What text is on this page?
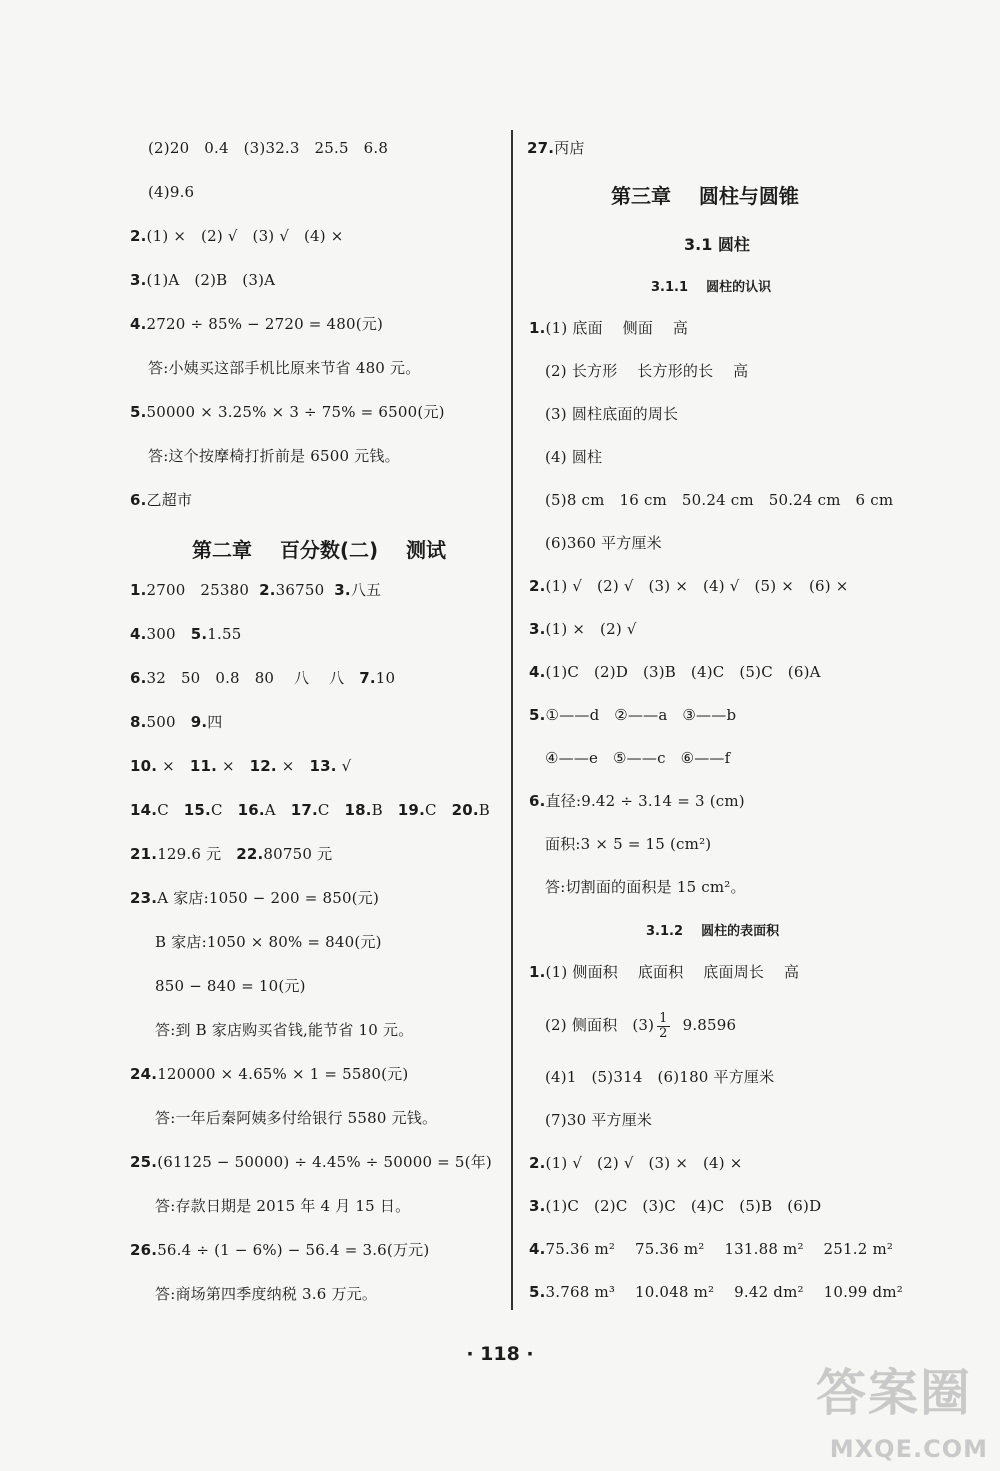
(2)20   0.4   (3)32.3   25.5   6.8
(4)9.6
2.(1) ×   (2) √   (3) √   (4) ×
3.(1)A   (2)B   (3)A
4.2720 ÷ 85% − 2720 = 480(元)
答:小姨买这部手机比原来节省 480 元。
5.50000 × 3.25% × 3 ÷ 75% = 6500(元)
答:这个按摩椅打折前是 6500 元钱。
6.乙超市
第二章    百分数(二)    测试
1.2700   25380  2.36750  3.八五
4.300   5.1.55
6.32   50   0.8   80    八    八   7.10
8.500   9.四
10. ×   11. ×   12. ×   13. √
14.C   15.C   16.A   17.C   18.B   19.C   20.B
21.129.6 元   22.80750 元
23.A 家店:1050 − 200 = 850(元)
B 家店:1050 × 80% = 840(元)
850 − 840 = 10(元)
答:到 B 家店购买省钱,能节省 10 元。
24.120000 × 4.65% × 1 = 5580(元)
答:一年后秦阿姨多付给银行 5580 元钱。
25.(61125 − 50000) ÷ 4.45% ÷ 50000 = 5(年)
答:存款日期是 2015 年 4 月 15 日。
26.56.4 ÷ (1 − 6%) − 56.4 = 3.6(万元)
答:商场第四季度纳税 3.6 万元。
27.丙店
第三章    圆柱与圆锥
3.1 圆柱
3.1.1    圆柱的认识
1.(1) 底面    侧面    高
(2) 长方形    长方形的长    高
(3) 圆柱底面的周长
(4) 圆柱
(5)8 cm   16 cm   50.24 cm   50.24 cm   6 cm
(6)360 平方厘米
2.(1) √   (2) √   (3) ×   (4) √   (5) ×   (6) ×
3.(1) ×   (2) √
4.(1)C   (2)D   (3)B   (4)C   (5)C   (6)A
5.①——d   ②——a   ③——b
④——e   ⑤——c   ⑥——f
6.直径:9.42 ÷ 3.14 = 3 (cm)
面积:3 × 5 = 15 (cm²)
答:切割面的面积是 15 cm²。
3.1.2    圆柱的表面积
1.(1) 侧面积    底面积    底面周长    高
(2) 侧面积   $(3) \frac{1}{2} 9.8596$
(4)1   (5)314   (6)180 平方厘米
(7)30 平方厘米
2.(1) √   (2) √   (3) ×   (4) ×
3.(1)C   (2)C   (3)C   (4)C   (5)B   (6)D
4.75.36 m²    75.36 m²    131.88 m²    251.2 m²
5.3.768 m³    10.048 m²    9.42 dm²    10.99 dm²
· 118 ·
答案圈
MXQE.COM
